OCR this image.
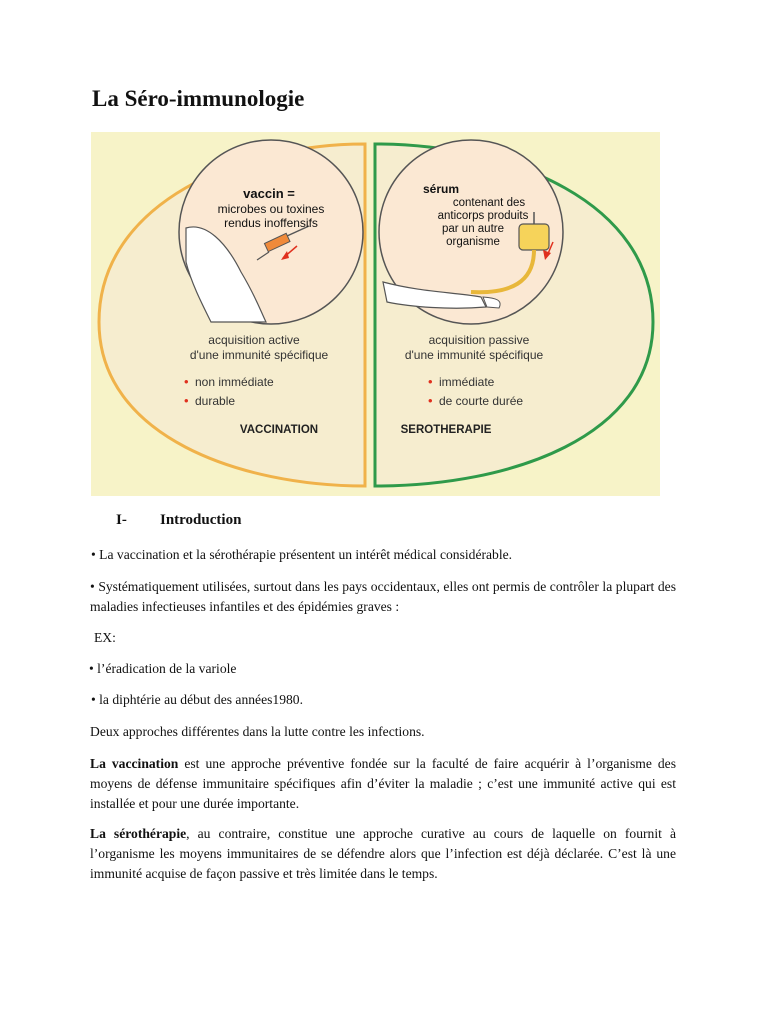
La Séro-immunologie
vaccin =
microbes ou toxines
rendus inoffensifs
sérum
contenant des
anticorps produits
par un autre
organisme
acquisition active
d'une immunité spécifique
• non immédiate
• durable
VACCINATION
acquisition passive
d'une immunité spécifique
• immédiate
• de courte durée
SEROTHERAPIE
I- Introduction

• La vaccination et la sérothérapie présentent un intérêt médical considérable.

• Systématiquement utilisées, surtout dans les pays occidentaux, elles ont permis de contrôler la plupart des maladies infectieuses infantiles et des épidémies graves :

EX:

• l’éradication de la variole

• la diphtérie au début des années1980.

Deux approches différentes dans la lutte contre les infections.

La vaccination est une approche préventive fondée sur la faculté de faire acquérir à l’organisme des moyens de défense immunitaire spécifiques afin d’éviter la maladie ; c’est une immunité active qui est installée et pour une durée importante.

La sérothérapie, au contraire, constitue une approche curative au cours de laquelle on fournit à l’organisme les moyens immunitaires de se défendre alors que l’infection est déjà déclarée. C’est là une immunité acquise de façon passive et très limitée dans le temps.
